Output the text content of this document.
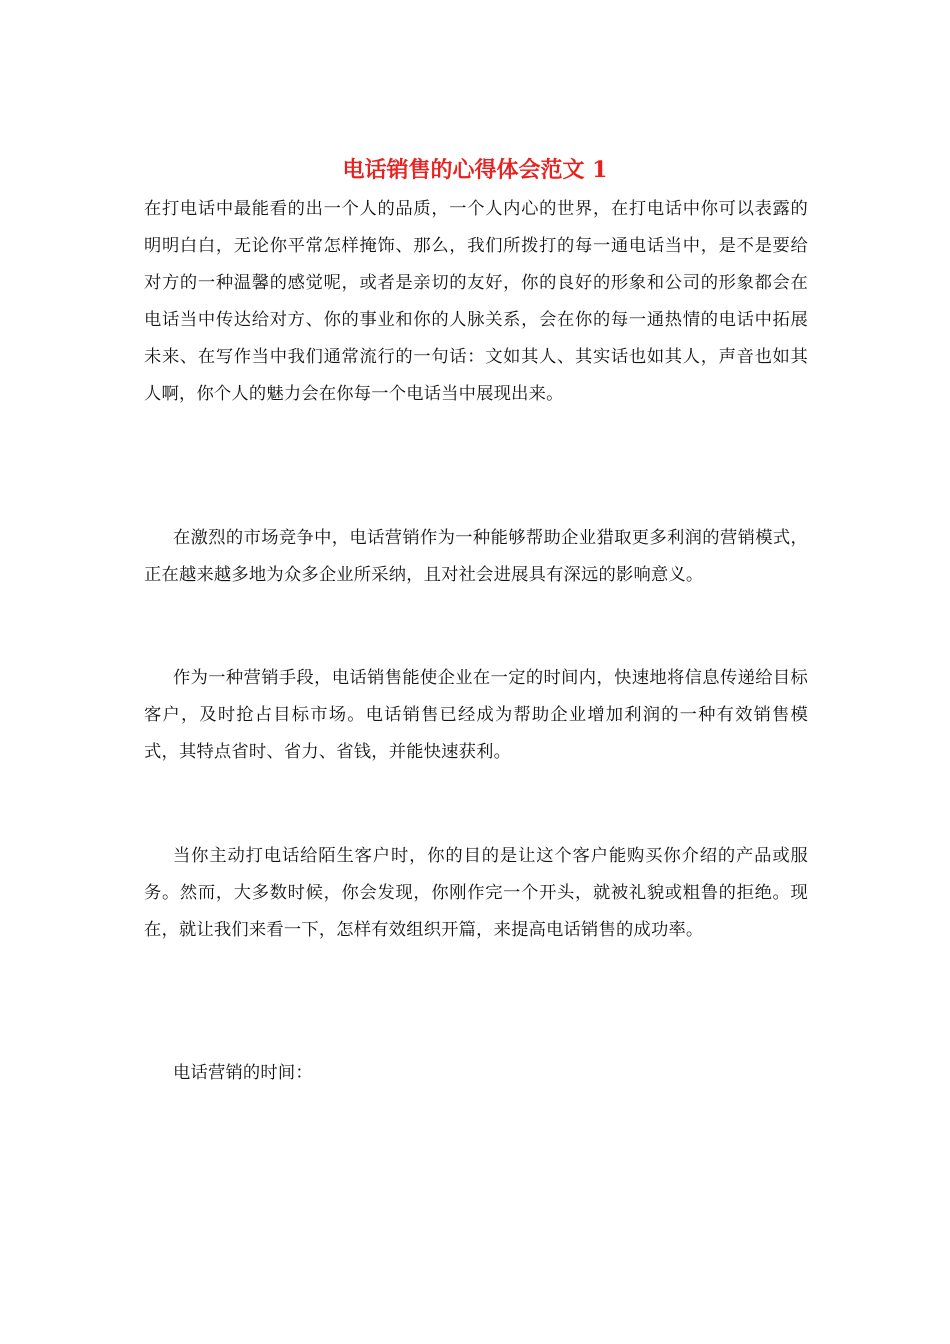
电话销售的心得体会范文 1

在打电话中最能看的出一个人的品质，一个人内心的世界，在打电话中你可以表露的明明白白，无论你平常怎样掩饰、那么，我们所拨打的每一通电话当中，是不是要给对方的一种温馨的感觉呢，或者是亲切的友好，你的良好的形象和公司的形象都会在电话当中传达给对方、你的事业和你的人脉关系，会在你的每一通热情的电话中拓展未来、在写作当中我们通常流行的一句话：文如其人、其实话也如其人，声音也如其人啊，你个人的魅力会在你每一个电话当中展现出来。

在激烈的市场竞争中，电话营销作为一种能够帮助企业猎取更多利润的营销模式，正在越来越多地为众多企业所采纳，且对社会进展具有深远的影响意义。

作为一种营销手段，电话销售能使企业在一定的时间内，快速地将信息传递给目标客户，及时抢占目标市场。电话销售已经成为帮助企业增加利润的一种有效销售模式，其特点省时、省力、省钱，并能快速获利。

当你主动打电话给陌生客户时，你的目的是让这个客户能购买你介绍的产品或服务。然而，大多数时候，你会发现，你刚作完一个开头，就被礼貌或粗鲁的拒绝。现在，就让我们来看一下，怎样有效组织开篇，来提高电话销售的成功率。

电话营销的时间：
